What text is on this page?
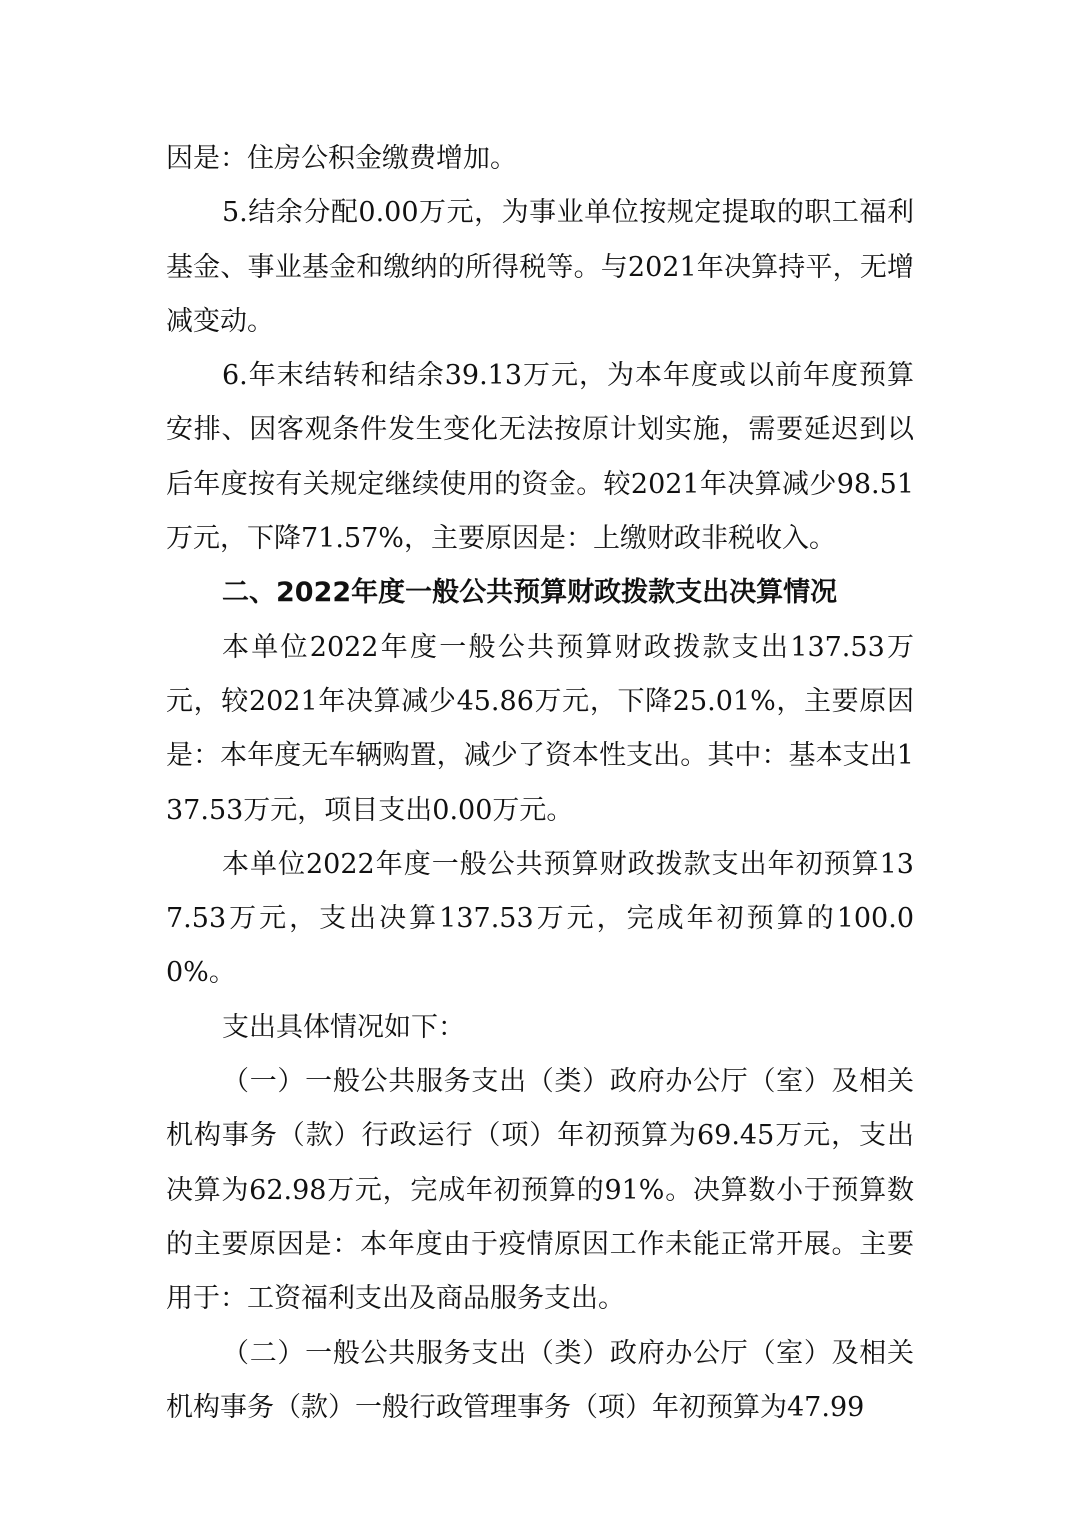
因是：住房公积金缴费增加。

5.结余分配0.00万元，为事业单位按规定提取的职工福利基金、事业基金和缴纳的所得税等。与2021年决算持平，无增减变动。

6.年末结转和结余39.13万元，为本年度或以前年度预算安排、因客观条件发生变化无法按原计划实施，需要延迟到以后年度按有关规定继续使用的资金。较2021年决算减少98.51万元，下降71.57%，主要原因是：上缴财政非税收入。

二、2022年度一般公共预算财政拨款支出决算情况

本单位2022年度一般公共预算财政拨款支出137.53万元，较2021年决算减少45.86万元，下降25.01%，主要原因是：本年度无车辆购置，减少了资本性支出。其中：基本支出137.53万元，项目支出0.00万元。

本单位2022年度一般公共预算财政拨款支出年初预算137.53万元，支出决算137.53万元，完成年初预算的100.00%。

支出具体情况如下：

（一）一般公共服务支出（类）政府办公厅（室）及相关机构事务（款）行政运行（项）年初预算为69.45万元，支出决算为62.98万元，完成年初预算的91%。决算数小于预算数的主要原因是：本年度由于疫情原因工作未能正常开展。主要用于：工资福利支出及商品服务支出。

（二）一般公共服务支出（类）政府办公厅（室）及相关机构事务（款）一般行政管理事务（项）年初预算为47.99
